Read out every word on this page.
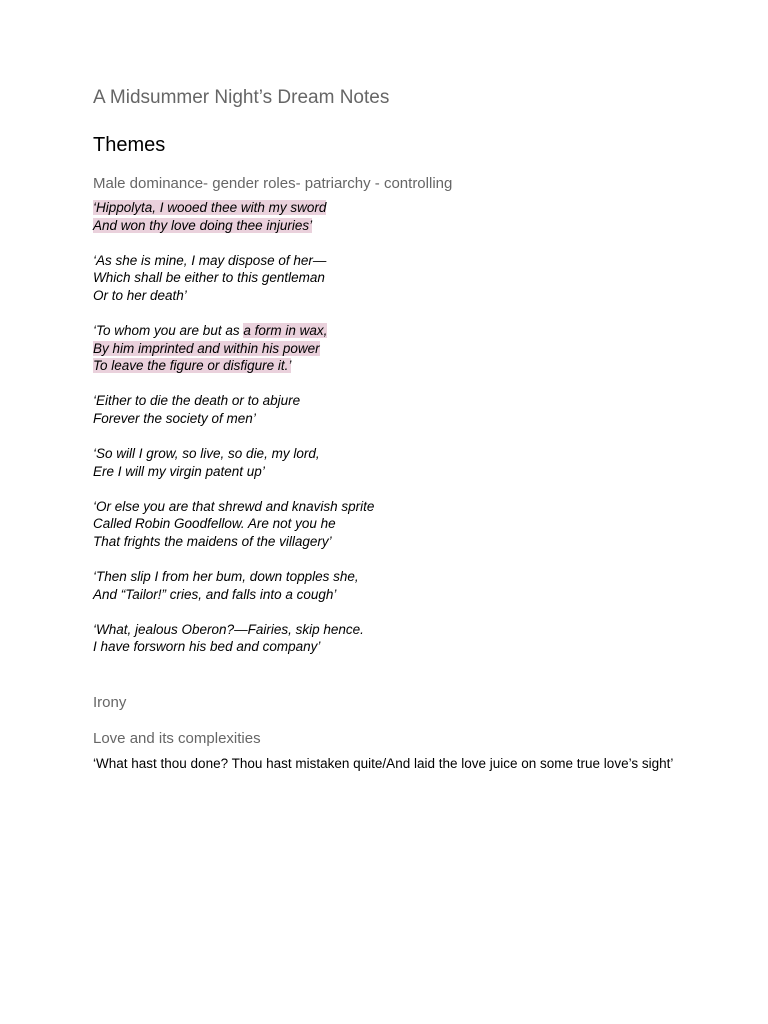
A Midsummer Night’s Dream Notes
Themes
Male dominance- gender roles- patriarchy - controlling
‘Hippolyta, I wooed thee with my sword
And won thy love doing thee injuries’
‘As she is mine, I may dispose of her—
Which shall be either to this gentleman
Or to her death’
‘To whom you are but as a form in wax,
By him imprinted and within his power
To leave the figure or disfigure it.’
‘Either to die the death or to abjure
Forever the society of men’
‘So will I grow, so live, so die, my lord,
Ere I will my virgin patent up’
‘Or else you are that shrewd and knavish sprite
Called Robin Goodfellow. Are not you he
That frights the maidens of the villagery’
‘Then slip I from her bum, down topples she,
And “Tailor!” cries, and falls into a cough’
‘What, jealous Oberon?—Fairies, skip hence.
I have forsworn his bed and company’
Irony
Love and its complexities
‘What hast thou done? Thou hast mistaken quite/And laid the love juice on some true love’s sight’
